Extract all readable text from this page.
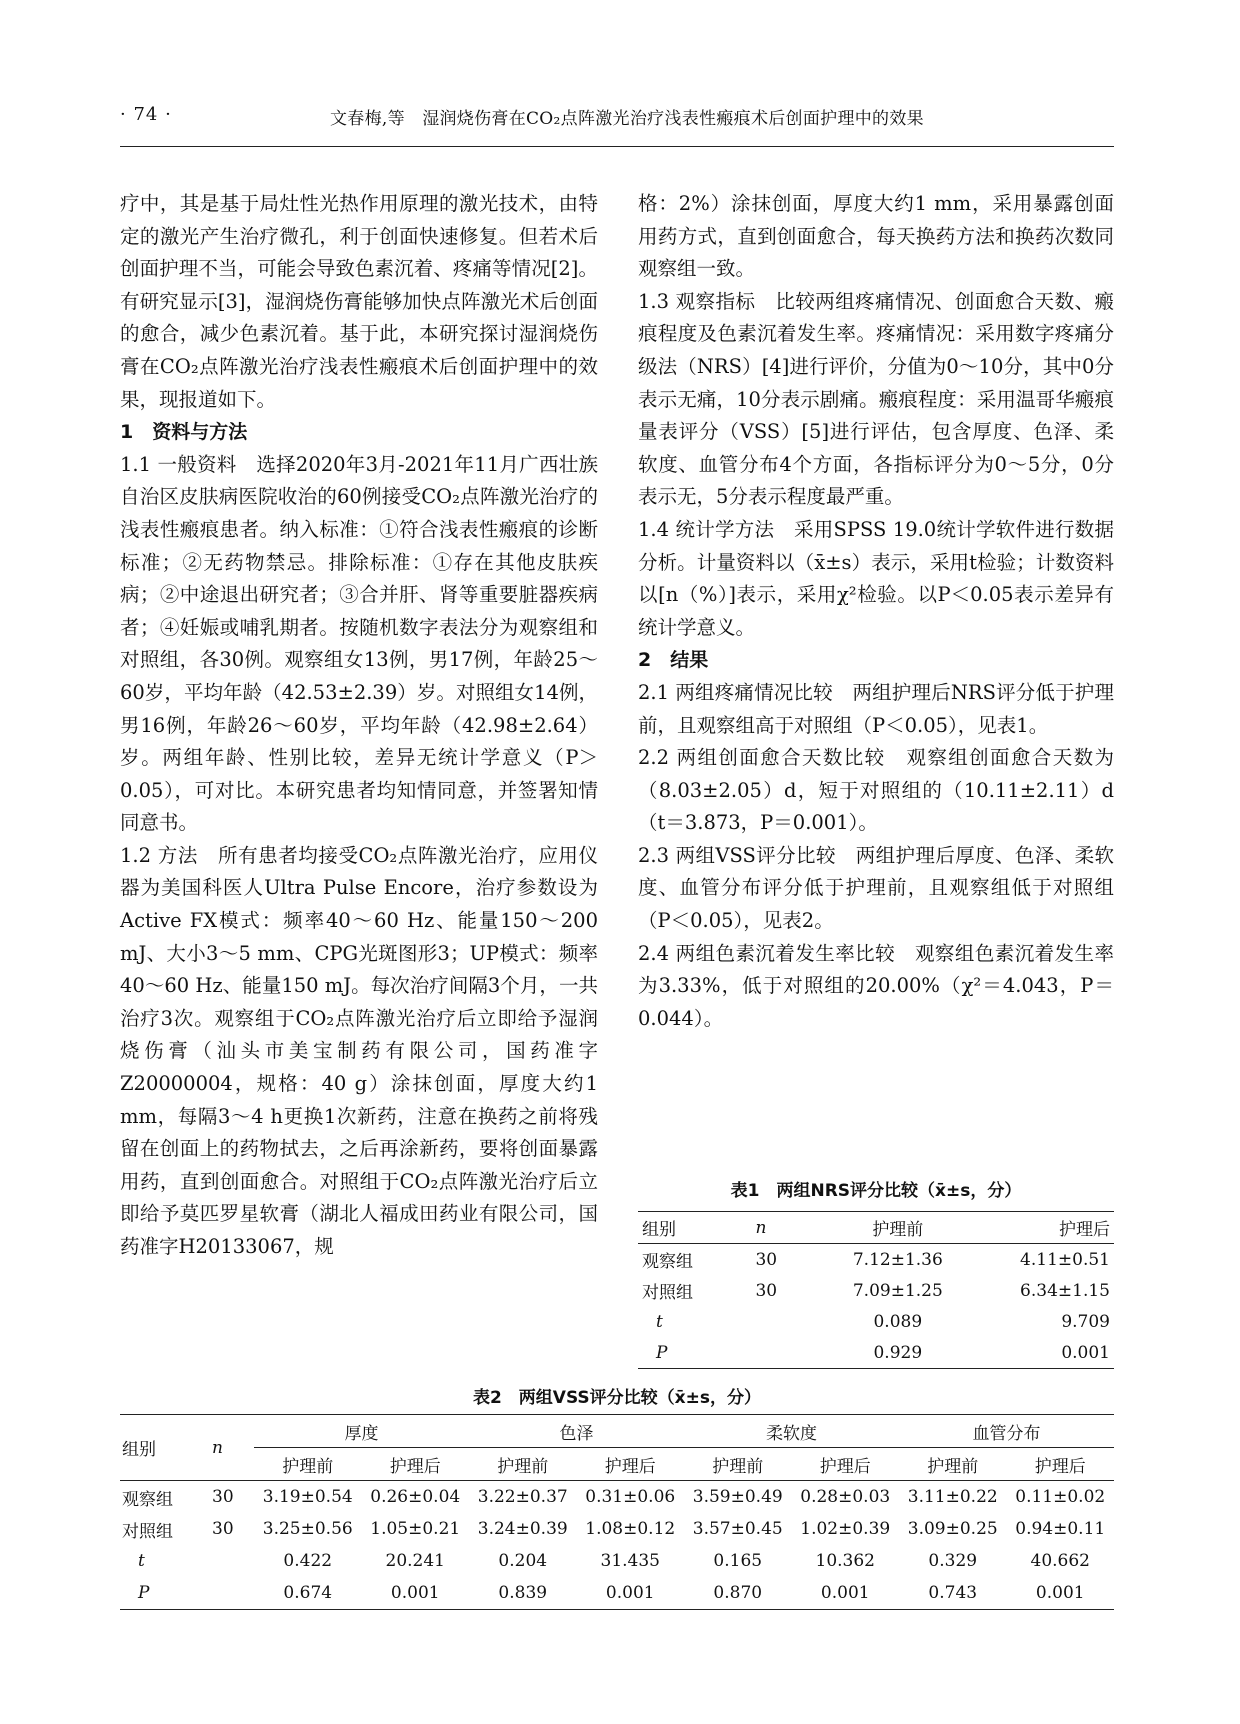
· 74 ·	文春梅,等　湿润烧伤膏在CO₂点阵激光治疗浅表性瘢痕术后创面护理中的效果

疗中，其是基于局灶性光热作用原理的激光技术，由特定的激光产生治疗微孔，利于创面快速修复。但若术后创面护理不当，可能会导致色素沉着、疼痛等情况[2]。有研究显示[3]，湿润烧伤膏能够加快点阵激光术后创面的愈合，减少色素沉着。基于此，本研究探讨湿润烧伤膏在CO₂点阵激光治疗浅表性瘢痕术后创面护理中的效果，现报道如下。

1　资料与方法

1.1 一般资料　选择2020年3月-2021年11月广西壮族自治区皮肤病医院收治的60例接受CO₂点阵激光治疗的浅表性瘢痕患者。纳入标准：①符合浅表性瘢痕的诊断标准；②无药物禁忌。排除标准：①存在其他皮肤疾病；②中途退出研究者；③合并肝、肾等重要脏器疾病者；④妊娠或哺乳期者。按随机数字表法分为观察组和对照组，各30例。观察组女13例，男17例，年龄25～60岁，平均年龄（42.53±2.39）岁。对照组女14例，男16例，年龄26～60岁，平均年龄（42.98±2.64）岁。两组年龄、性别比较，差异无统计学意义（P＞0.05），可对比。本研究患者均知情同意，并签署知情同意书。

1.2 方法　所有患者均接受CO₂点阵激光治疗，应用仪器为美国科医人Ultra Pulse Encore，治疗参数设为Active FX模式：频率40～60 Hz、能量150～200 mJ、大小3～5 mm、CPG光斑图形3；UP模式：频率40～60 Hz、能量150 mJ。每次治疗间隔3个月，一共治疗3次。观察组于CO₂点阵激光治疗后立即给予湿润烧伤膏（汕头市美宝制药有限公司，国药准字Z20000004，规格：40 g）涂抹创面，厚度大约1 mm，每隔3～4 h更换1次新药，注意在换药之前将残留在创面上的药物拭去，之后再涂新药，要将创面暴露用药，直到创面愈合。对照组于CO₂点阵激光治疗后立即给予莫匹罗星软膏（湖北人福成田药业有限公司，国药准字H20133067，规

格：2%）涂抹创面，厚度大约1 mm，采用暴露创面用药方式，直到创面愈合，每天换药方法和换药次数同观察组一致。

1.3 观察指标　比较两组疼痛情况、创面愈合天数、瘢痕程度及色素沉着发生率。疼痛情况：采用数字疼痛分级法（NRS）[4]进行评价，分值为0～10分，其中0分表示无痛，10分表示剧痛。瘢痕程度：采用温哥华瘢痕量表评分（VSS）[5]进行评估，包含厚度、色泽、柔软度、血管分布4个方面，各指标评分为0～5分，0分表示无，5分表示程度最严重。

1.4 统计学方法　采用SPSS 19.0统计学软件进行数据分析。计量资料以（x̄±s）表示，采用t检验；计数资料以[n（%）]表示，采用χ²检验。以P＜0.05表示差异有统计学意义。

2　结果

2.1 两组疼痛情况比较　两组护理后NRS评分低于护理前，且观察组高于对照组（P＜0.05），见表1。

2.2 两组创面愈合天数比较　观察组创面愈合天数为（8.03±2.05）d，短于对照组的（10.11±2.11）d（t＝3.873，P＝0.001）。

2.3 两组VSS评分比较　两组护理后厚度、色泽、柔软度、血管分布评分低于护理前，且观察组低于对照组（P＜0.05），见表2。

2.4 两组色素沉着发生率比较　观察组色素沉着发生率为3.33%，低于对照组的20.00%（χ²＝4.043，P＝0.044）。

表1　两组NRS评分比较（x̄±s，分）
组别	n	护理前	护理后
观察组	30	7.12±1.36	4.11±0.51
对照组	30	7.09±1.25	6.34±1.15
t		0.089	9.709
P		0.929	0.001
表2　两组VSS评分比较（x̄±s，分）
组别	n	厚度		色泽		柔软度		血管分布	
		护理前	护理后	护理前	护理后	护理前	护理后	护理前	护理后
观察组	30	3.19±0.54	0.26±0.04	3.22±0.37	0.31±0.06	3.59±0.49	0.28±0.03	3.11±0.22	0.11±0.02
对照组	30	3.25±0.56	1.05±0.21	3.24±0.39	1.08±0.12	3.57±0.45	1.02±0.39	3.09±0.25	0.94±0.11
t		0.422	20.241	0.204	31.435	0.165	10.362	0.329	40.662
P		0.674	0.001	0.839	0.001	0.870	0.001	0.743	0.001
